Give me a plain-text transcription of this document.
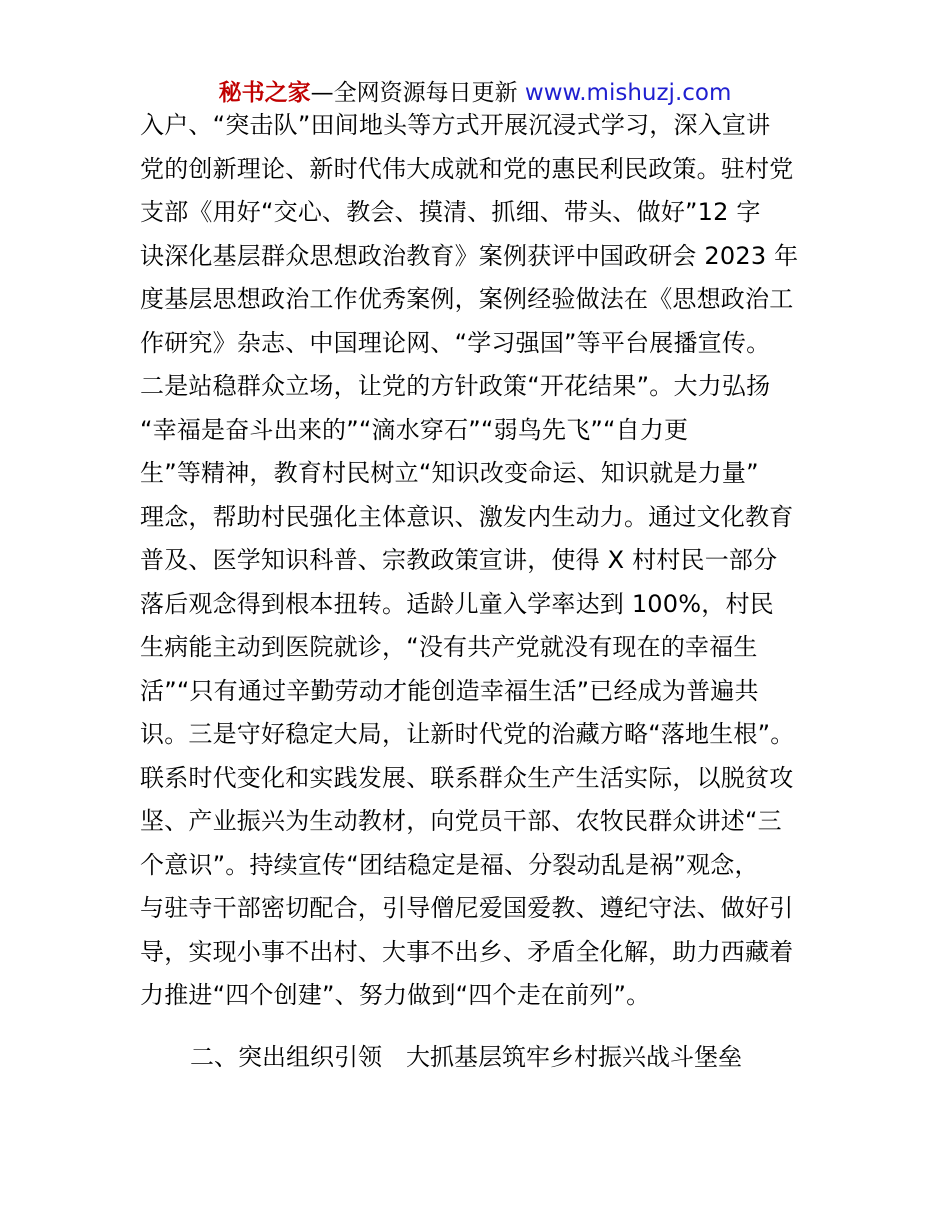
秘书之家—全网资源每日更新 www.mishuzj.com
入户、“突击队”田间地头等方式开展沉浸式学习，深入宣讲
党的创新理论、新时代伟大成就和党的惠民利民政策。驻村党
支部《用好“交心、教会、摸清、抓细、带头、做好”12 字
诀深化基层群众思想政治教育》案例获评中国政研会 2023 年
度基层思想政治工作优秀案例，案例经验做法在《思想政治工
作研究》杂志、中国理论网、“学习强国”等平台展播宣传。
二是站稳群众立场，让党的方针政策“开花结果”。大力弘扬
“幸福是奋斗出来的”“滴水穿石”“弱鸟先飞”“自力更
生”等精神，教育村民树立“知识改变命运、知识就是力量”
理念，帮助村民强化主体意识、激发内生动力。通过文化教育
普及、医学知识科普、宗教政策宣讲，使得 X 村村民一部分
落后观念得到根本扭转。适龄儿童入学率达到 100%，村民
生病能主动到医院就诊，“没有共产党就没有现在的幸福生
活”“只有通过辛勤劳动才能创造幸福生活”已经成为普遍共
识。三是守好稳定大局，让新时代党的治藏方略“落地生根”。
联系时代变化和实践发展、联系群众生产生活实际，以脱贫攻
坚、产业振兴为生动教材，向党员干部、农牧民群众讲述“三
个意识”。持续宣传“团结稳定是福、分裂动乱是祸”观念，
与驻寺干部密切配合，引导僧尼爱国爱教、遵纪守法、做好引
导，实现小事不出村、大事不出乡、矛盾全化解，助力西藏着
力推进“四个创建”、努力做到“四个走在前列”。
二、突出组织引领　大抓基层筑牢乡村振兴战斗堡垒
